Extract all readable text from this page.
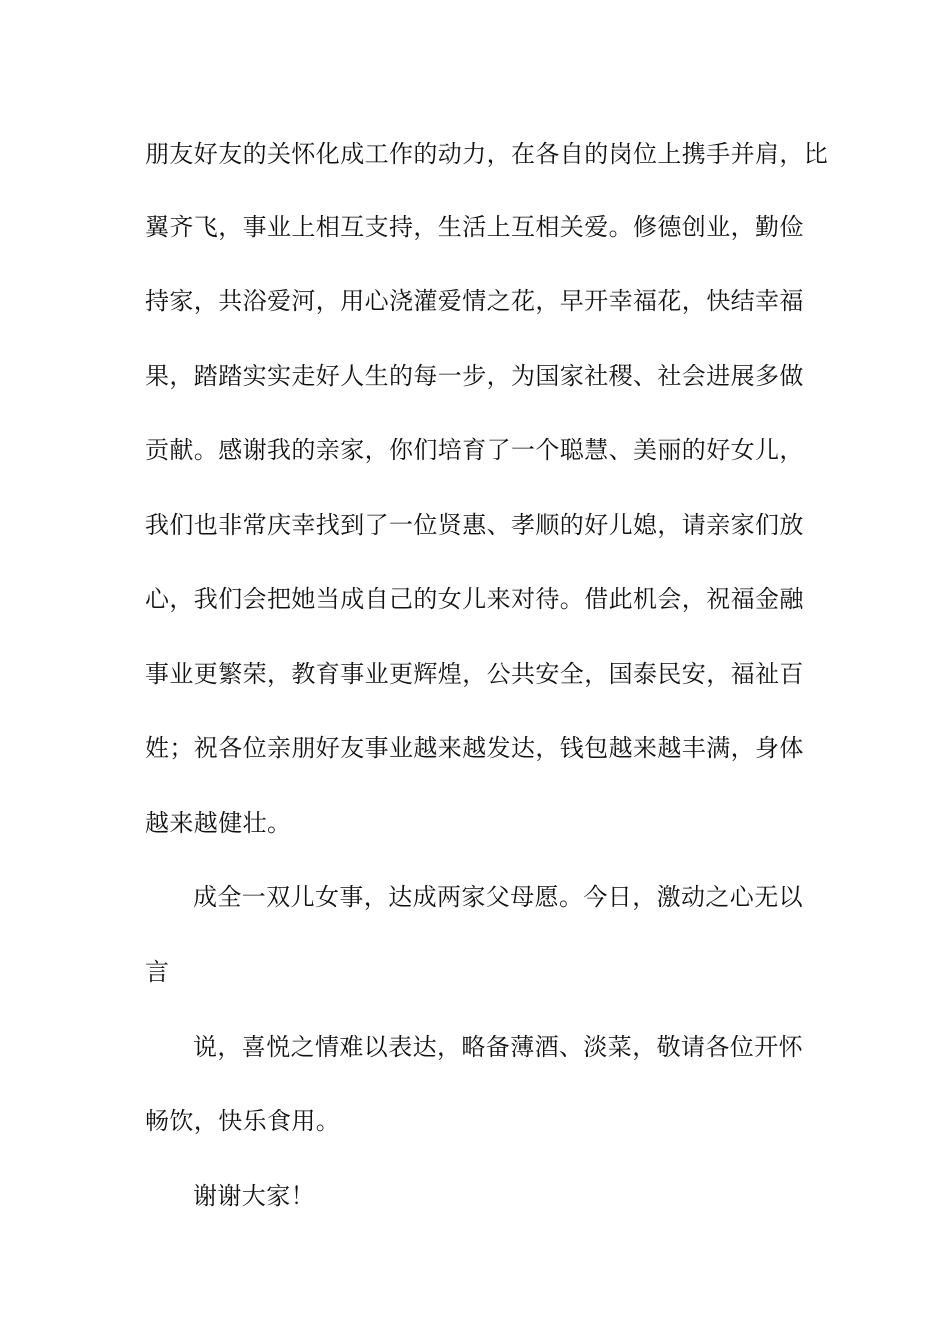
朋友好友的关怀化成工作的动力，在各自的岗位上携手并肩，比
翼齐飞，事业上相互支持，生活上互相关爱。修德创业，勤俭
持家，共浴爱河，用心浇灌爱情之花，早开幸福花，快结幸福
果，踏踏实实走好人生的每一步，为国家社稷、社会进展多做
贡献。感谢我的亲家，你们培育了一个聪慧、美丽的好女儿，
我们也非常庆幸找到了一位贤惠、孝顺的好儿媳，请亲家们放
心，我们会把她当成自己的女儿来对待。借此机会，祝福金融
事业更繁荣，教育事业更辉煌，公共安全，国泰民安，福祉百
姓；祝各位亲朋好友事业越来越发达，钱包越来越丰满，身体
越来越健壮。
成全一双儿女事，达成两家父母愿。今日，激动之心无以
言
说，喜悦之情难以表达，略备薄酒、淡菜，敬请各位开怀
畅饮，快乐食用。
谢谢大家！
